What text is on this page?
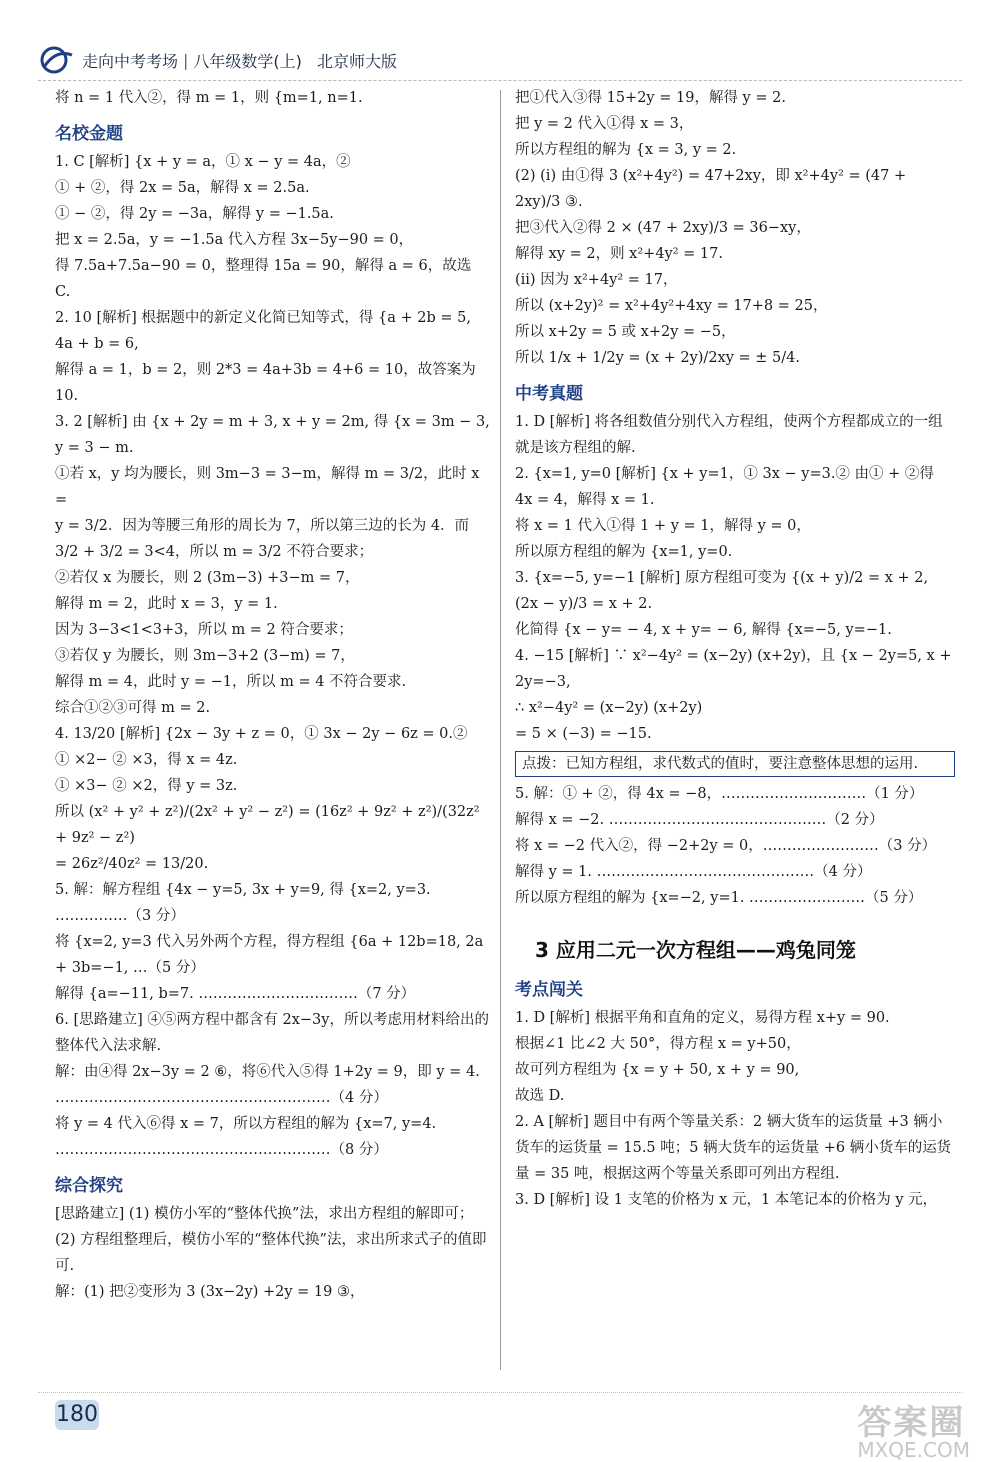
走向中考考场 | 八年级数学(上)
北京师大版
将 n = 1 代入②，得 m = 1，则 {m=1, n=1.
名校金题
1. C [解析] {x + y = a，① x − y = 4a，②
① + ②，得 2x = 5a，解得 x = 2.5a.
① − ②，得 2y = −3a，解得 y = −1.5a.
把 x = 2.5a，y = −1.5a 代入方程 3x−5y−90 = 0，
得 7.5a+7.5a−90 = 0，整理得 15a = 90，解得 a = 6，故选 C.
2. 10 [解析] 根据题中的新定义化简已知等式，得 {a + 2b = 5, 4a + b = 6,
解得 a = 1，b = 2，则 2*3 = 4a+3b = 4+6 = 10，故答案为 10.
3. 2 [解析] 由 {x + 2y = m + 3, x + y = 2m, 得 {x = 3m − 3, y = 3 − m.
①若 x，y 均为腰长，则 3m−3 = 3−m，解得 m = 3/2，此时 x =
y = 3/2．因为等腰三角形的周长为 7，所以第三边的长为 4．而
3/2 + 3/2 = 3<4，所以 m = 3/2 不符合要求；
②若仅 x 为腰长，则 2 (3m−3) +3−m = 7，
解得 m = 2，此时 x = 3，y = 1.
因为 3−3<1<3+3，所以 m = 2 符合要求；
③若仅 y 为腰长，则 3m−3+2 (3−m) = 7，
解得 m = 4，此时 y = −1，所以 m = 4 不符合要求.
综合①②③可得 m = 2.
4. 13/20 [解析] {2x − 3y + z = 0，① 3x − 2y − 6z = 0.②
① ×2− ② ×3，得 x = 4z.
① ×3− ② ×2，得 y = 3z.
所以 (x² + y² + z²)/(2x² + y² − z²) = (16z² + 9z² + z²)/(32z² + 9z² − z²)
= 26z²/40z² = 13/20.
5. 解：解方程组 {4x − y=5, 3x + y=9, 得 {x=2, y=3. ……………（3 分）
将 {x=2, y=3 代入另外两个方程，得方程组 {6a + 12b=18, 2a + 3b=−1, …（5 分）
解得 {a=−11, b=7. ……………………………（7 分）
6. [思路建立] ④⑤两方程中都含有 2x−3y，所以考虑用材料给出的整体代入法求解.
解：由④得 2x−3y = 2 ⑥，将⑥代入⑤得 1+2y = 9，即 y = 4.
…………………………………………………（4 分）
将 y = 4 代入⑥得 x = 7，所以方程组的解为 {x=7, y=4.
…………………………………………………（8 分）
综合探究
[思路建立] (1) 模仿小军的“整体代换”法，求出方程组的解即可；(2) 方程组整理后，模仿小军的“整体代换”法，求出所求式子的值即可.
解：(1) 把②变形为 3 (3x−2y) +2y = 19 ③，
把①代入③得 15+2y = 19，解得 y = 2.
把 y = 2 代入①得 x = 3，
所以方程组的解为 {x = 3, y = 2.
(2) (i) 由①得 3 (x²+4y²) = 47+2xy，即 x²+4y² = (47 + 2xy)/3 ③.
把③代入②得 2 × (47 + 2xy)/3 = 36−xy，
解得 xy = 2，则 x²+4y² = 17.
(ii) 因为 x²+4y² = 17，
所以 (x+2y)² = x²+4y²+4xy = 17+8 = 25，
所以 x+2y = 5 或 x+2y = −5，
所以 1/x + 1/2y = (x + 2y)/2xy = ± 5/4.
中考真题
1. D [解析] 将各组数值分别代入方程组，使两个方程都成立的一组就是该方程组的解.
2. {x=1, y=0 [解析] {x + y=1，① 3x − y=3.② 由① + ②得 4x = 4，解得 x = 1.
将 x = 1 代入①得 1 + y = 1，解得 y = 0，
所以原方程组的解为 {x=1, y=0.
3. {x=−5, y=−1 [解析] 原方程组可变为 {(x + y)/2 = x + 2, (2x − y)/3 = x + 2.
化简得 {x − y= − 4, x + y= − 6, 解得 {x=−5, y=−1.
4. −15 [解析] ∵ x²−4y² = (x−2y) (x+2y)，且 {x − 2y=5, x + 2y=−3,
∴ x²−4y² = (x−2y) (x+2y)
= 5 × (−3) = −15.
点拨：已知方程组，求代数式的值时，要注意整体思想的运用.
5. 解：① + ②，得 4x = −8，…………………………（1 分）
解得 x = −2. ………………………………………（2 分）
将 x = −2 代入②，得 −2+2y = 0，……………………（3 分）
解得 y = 1. ………………………………………（4 分）
所以原方程组的解为 {x=−2, y=1. ……………………（5 分）
3 应用二元一次方程组——鸡兔同笼
考点闯关
1. D [解析] 根据平角和直角的定义，易得方程 x+y = 90.
根据∠1 比∠2 大 50°，得方程 x = y+50，
故可列方程组为 {x = y + 50, x + y = 90,
故选 D.
2. A [解析] 题目中有两个等量关系：2 辆大货车的运货量 +3 辆小货车的运货量 = 15.5 吨；5 辆大货车的运货量 +6 辆小货车的运货量 = 35 吨，根据这两个等量关系即可列出方程组.
3. D [解析] 设 1 支笔的价格为 x 元，1 本笔记本的价格为 y 元，
180	答案圈
MXQE.COM
